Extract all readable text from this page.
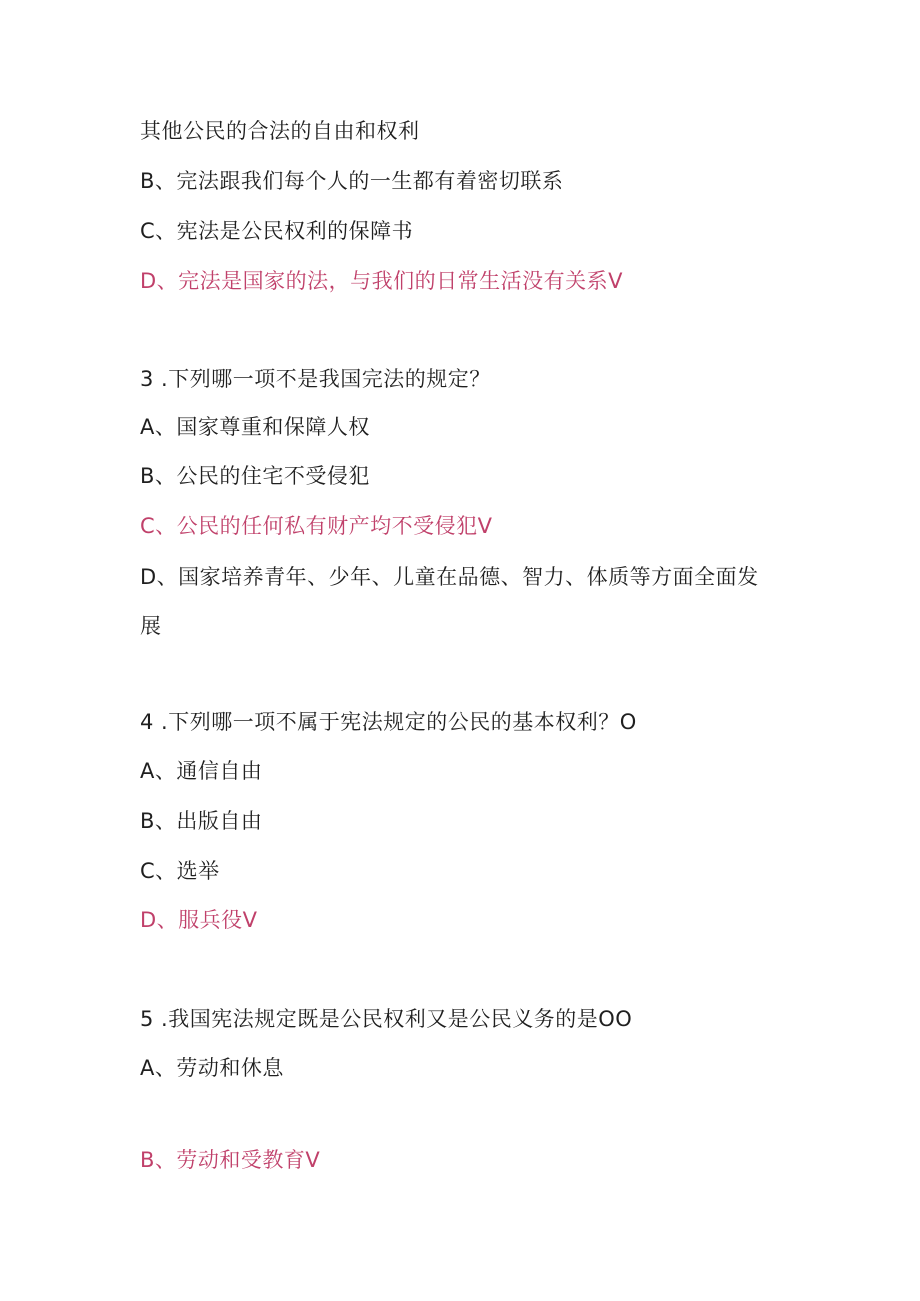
其他公民的合法的自由和权利
B、完法跟我们每个人的一生都有着密切联系
C、宪法是公民权利的保障书
D、完法是国家的法，与我们的日常生活没有关系V
3 .下列哪一项不是我国完法的规定？
A、国家尊重和保障人权
B、公民的住宅不受侵犯
C、公民的任何私有财产均不受侵犯V
D、国家培养青年、少年、儿童在品德、智力、体质等方面全面发
展
4 .下列哪一项不属于宪法规定的公民的基本权利？O
A、通信自由
B、出版自由
C、选举
D、服兵役V
5 .我国宪法规定既是公民权利又是公民义务的是OO
A、劳动和休息
B、劳动和受教育V
